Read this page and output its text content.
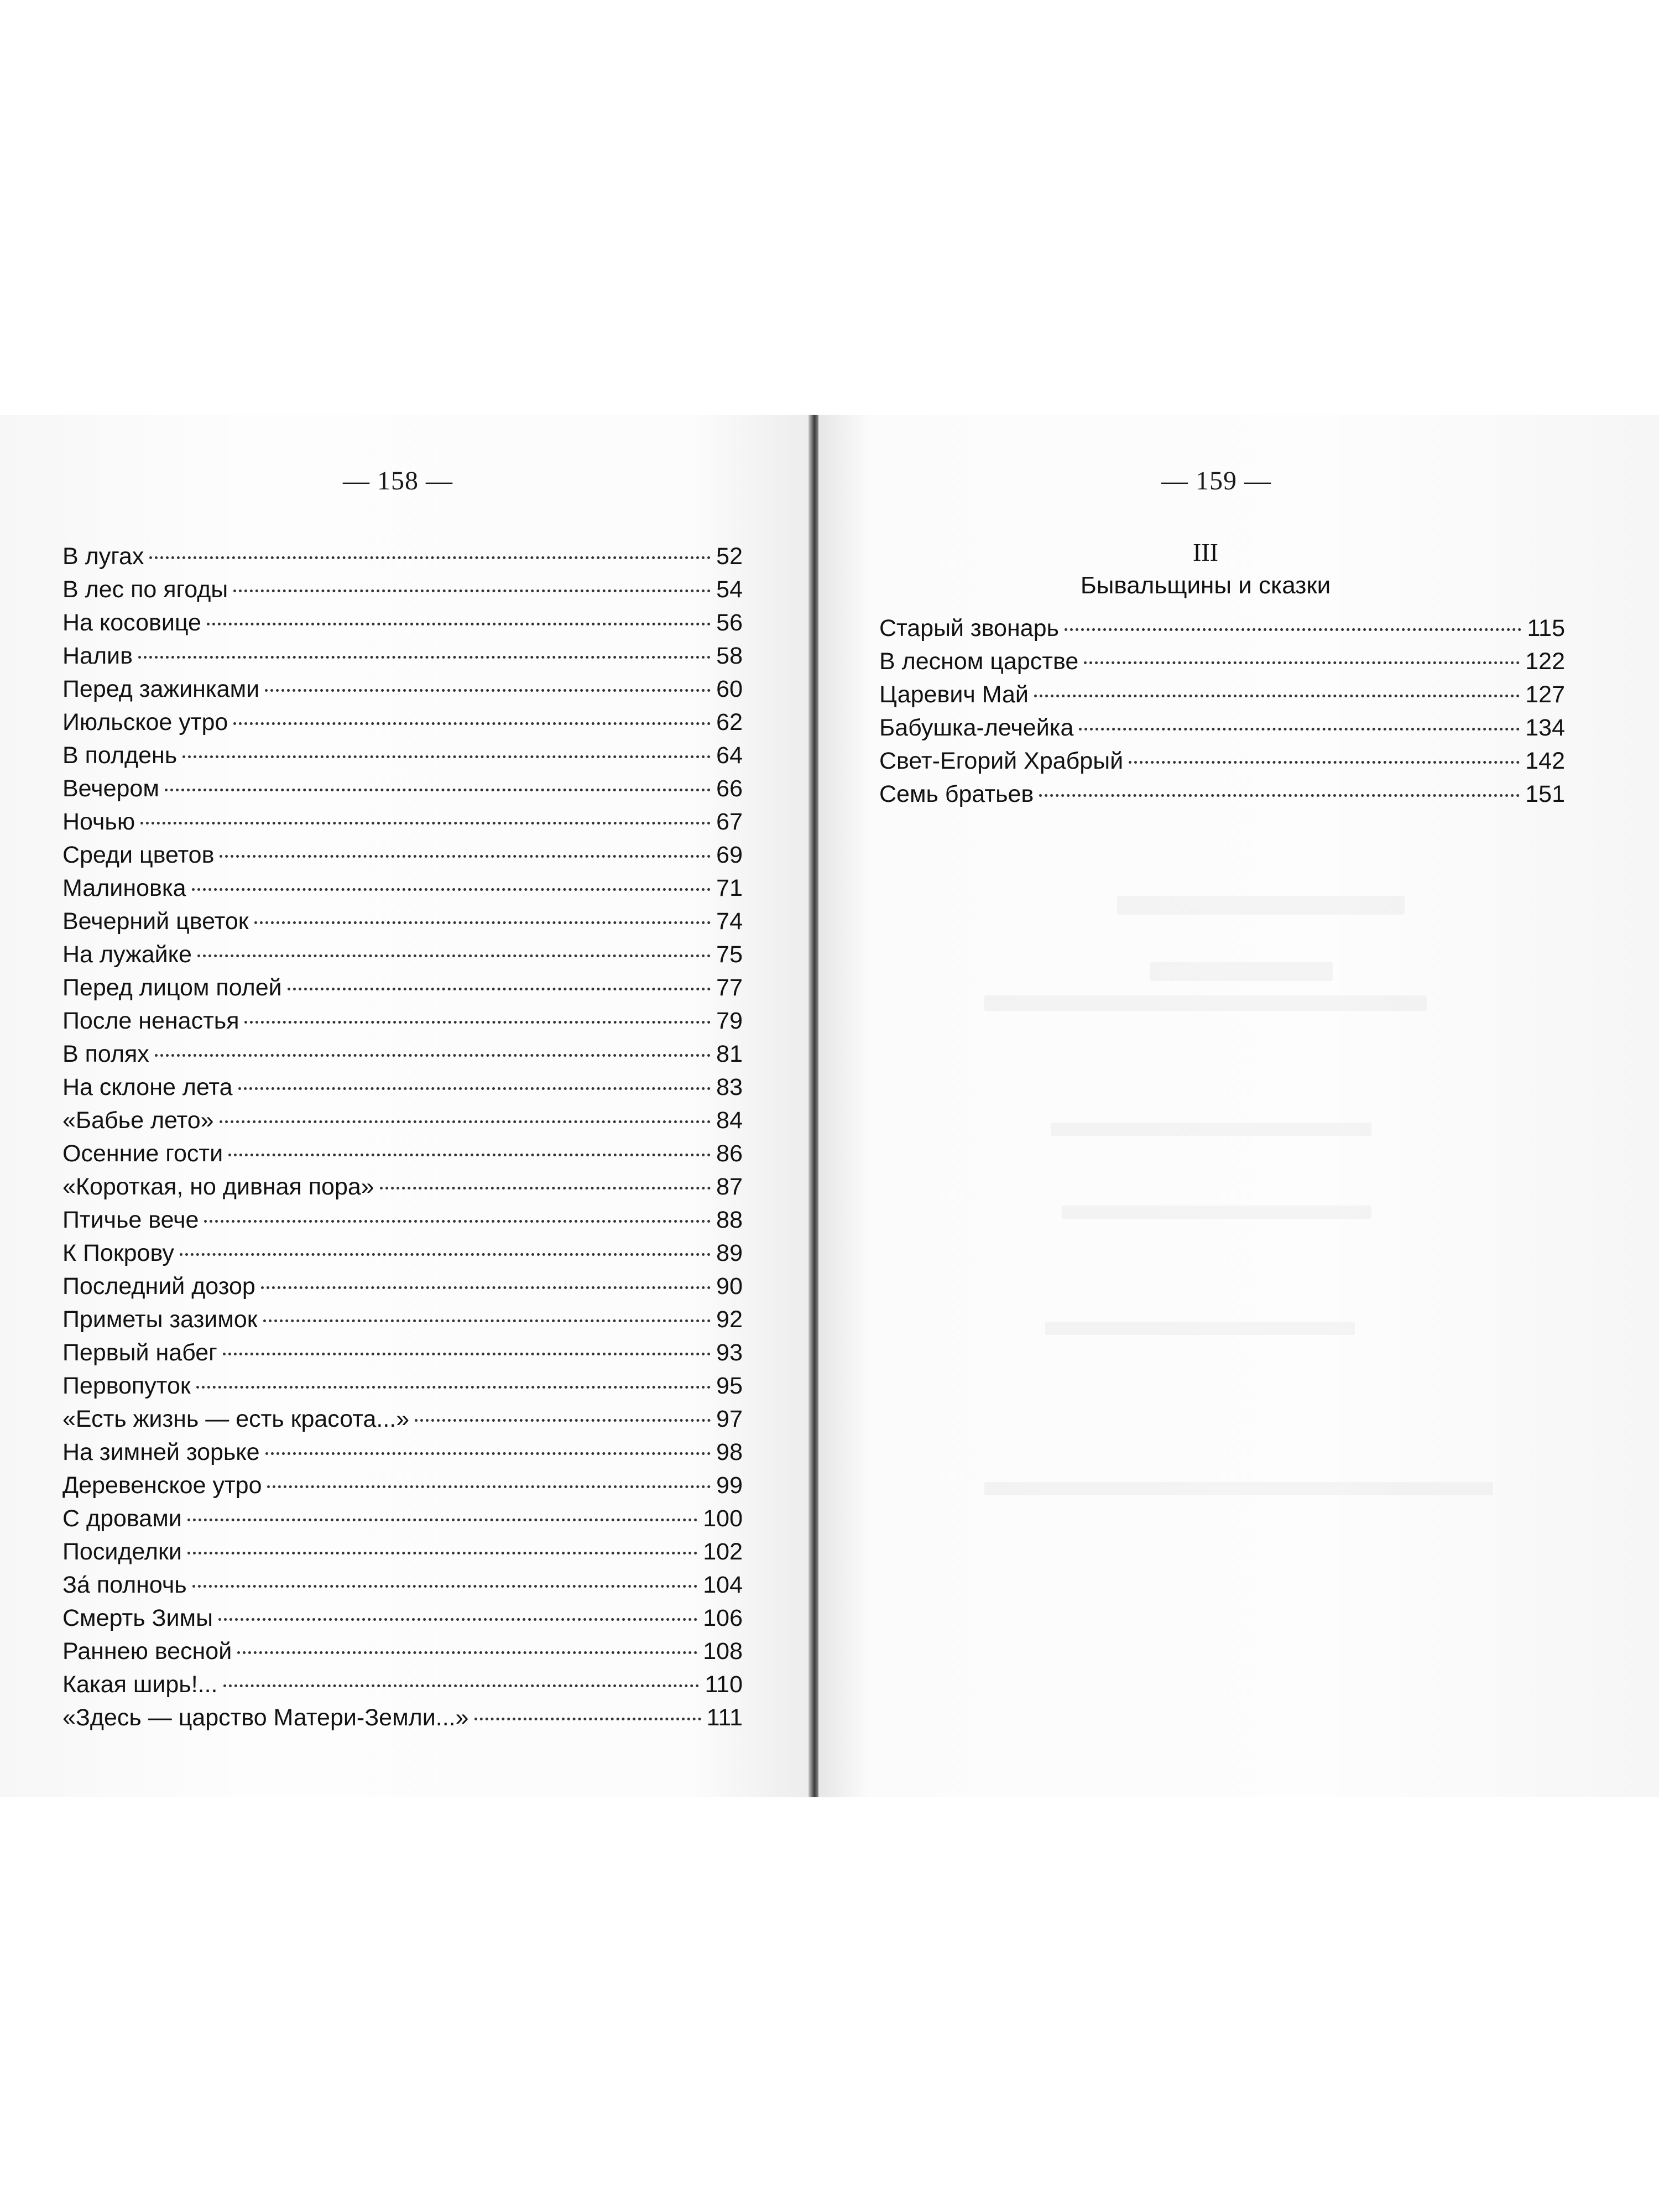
— 158 —
В лугах	52
В лес по ягоды	54
На косовице	56
Налив	58
Перед зажинками	60
Июльское утро	62
В полдень	64
Вечером	66
Ночью	67
Среди цветов	69
Малиновка	71
Вечерний цветок	74
На лужайке	75
Перед лицом полей	77
После ненастья	79
В полях	81
На склоне лета	83
«Бабье лето»	84
Осенние гости	86
«Короткая, но дивная пора»	87
Птичье вече	88
К Покрову	89
Последний дозор	90
Приметы зазимок	92
Первый набег	93
Первопуток	95
«Есть жизнь — есть красота...»	97
На зимней зорьке	98
Деревенское утро	99
С дровами	100
Посиделки	102
За́ полночь	104
Смерть Зимы	106
Раннею весной	108
Какая ширь!...	110
«Здесь — царство Матери-Земли...»	111
— 159 —
III
Бывальщины и сказки
Старый звонарь	115
В лесном царстве	122
Царевич Май	127
Бабушка-лечейка	134
Свет-Егорий Храбрый	142
Семь братьев	151
